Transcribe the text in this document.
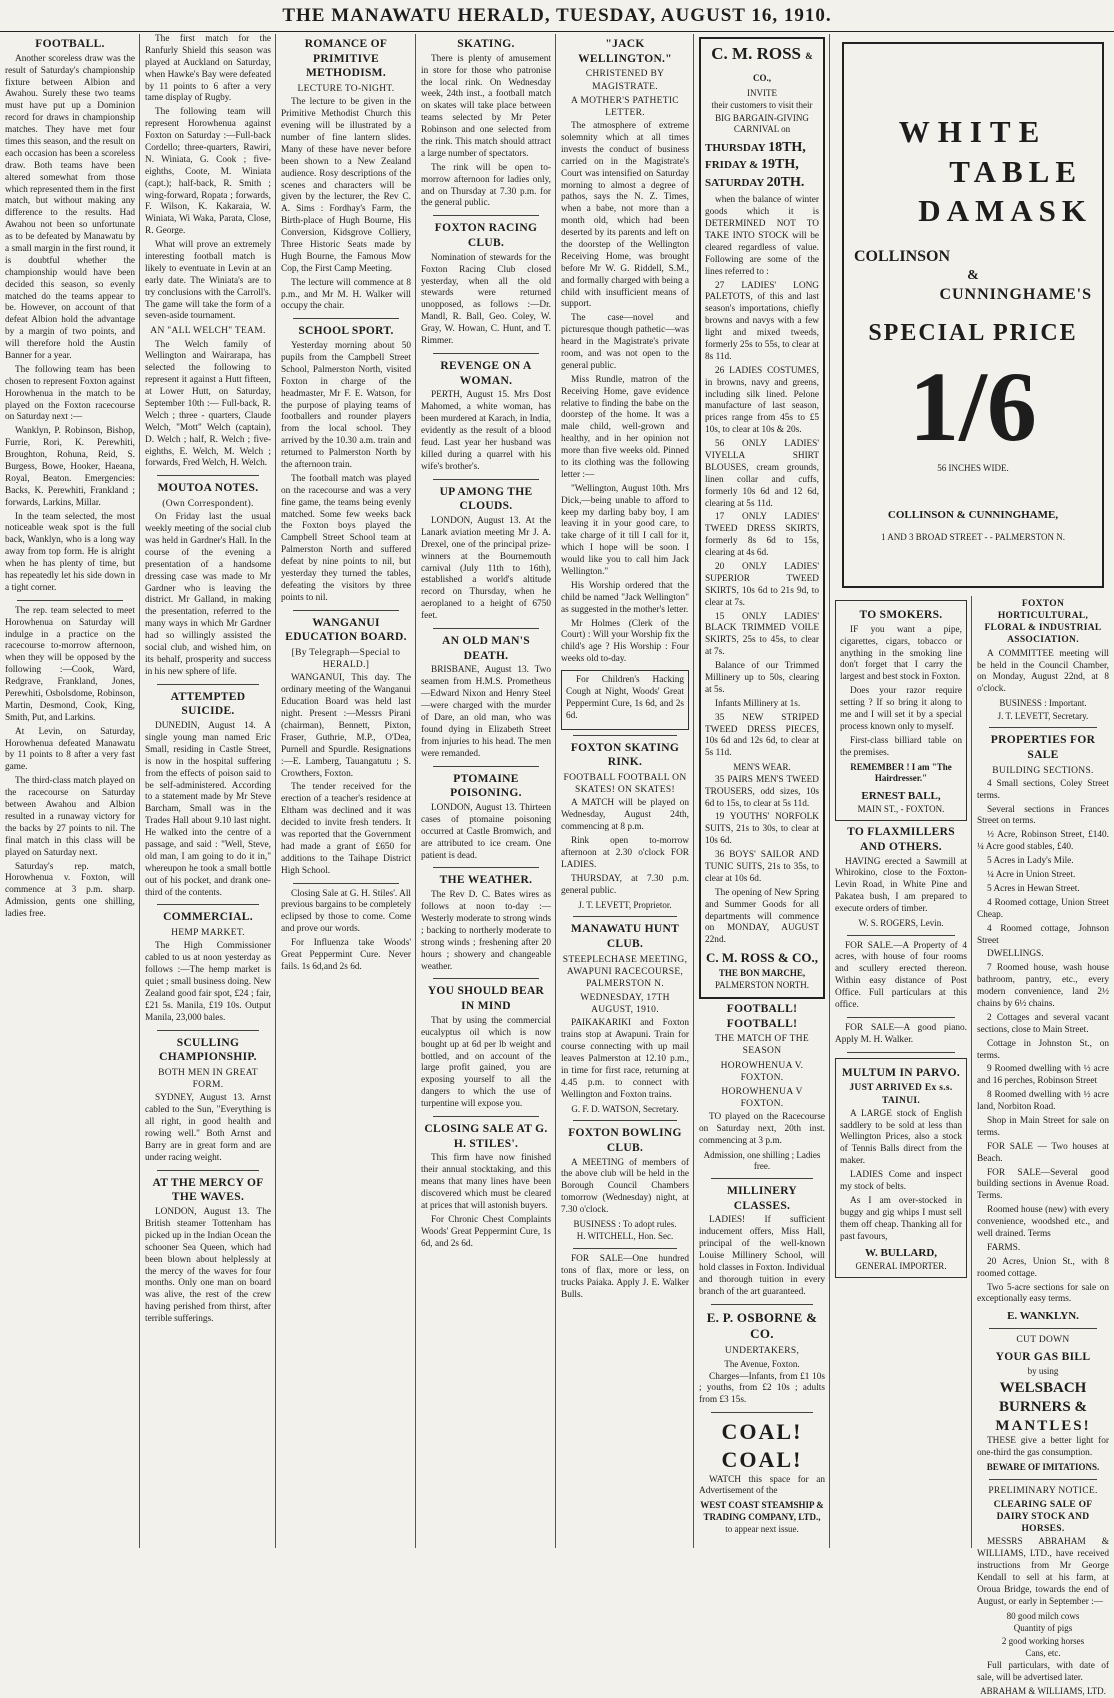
THE MANAWATU HERALD, TUESDAY, AUGUST 16, 1910.
FOOTBALL.

Another scoreless draw was the result of Saturday's championship fixture between Albion and Awahou. Surely these two teams must have put up a Dominion record for draws in championship matches. They have met four times this season, and the result on each occasion has been a scoreless draw. Both teams have been altered somewhat from those which represented them in the first match, but without making any difference to the results. Had Awahou not been so unfortunate as to be defeated by Manawatu by a small margin in the first round, it is doubtful whether the championship would have been decided this season, so evenly matched do the teams appear to be. However, on account of that defeat Albion hold the advantage by a margin of two points, and will therefore hold the Austin Banner for a year.

The following team has been chosen to represent Foxton against Horowhenua in the match to be played on the Foxton racecourse on Saturday next :—

Wanklyn, P. Robinson, Bishop, Furrie, Rori, K. Perewhiti, Broughton, Rohuna, Reid, S. Burgess, Bowe, Hooker, Haeana, Royal, Beaton. Emergencies: Backs, K. Perewhiti, Frankland ; forwards, Larkins, Millar.

In the team selected, the most noticeable weak spot is the full back, Wanklyn, who is a long way away from top form. He is alright when he has plenty of time, but has repeatedly let his side down in a tight corner.

The rep. team selected to meet Horowhenua on Saturday will indulge in a practice on the racecourse to-morrow afternoon, when they will be opposed by the following :—Cook, Ward, Redgrave, Frankland, Jones, Perewhiti, Osbolsdome, Robinson, Martin, Desmond, Cook, King, Smith, Put, and Larkins.

At Levin, on Saturday, Horowhenua defeated Manawatu by 11 points to 8 after a very fast game.

The third-class match played on the racecourse on Saturday between Awahou and Albion resulted in a runaway victory for the backs by 27 points to nil. The final match in this class will be played on Saturday next.

Saturday's rep. match, Horowhenua v. Foxton, will commence at 3 p.m. sharp. Admission, gents one shilling, ladies free.

The first match for the Ranfurly Shield this season was played at Auckland on Saturday, when Hawke's Bay were defeated by 11 points to 6 after a very tame display of Rugby.

The following team will represent Horowhenua against Foxton on Saturday :—Full-back Cordello; three-quarters, Rawiri, N. Winiata, G. Cook ; five-eighths, Coote, M. Winiata (capt.); half-back, R. Smith ; wing-forward, Ropata ; forwards, F. Wilson, K. Kakaraia, W. Winiata, Wi Waka, Parata, Close, R. George.

What will prove an extremely interesting football match is likely to eventuate in Levin at an early date. The Winiata's are to try conclusions with the Carroll's. The game will take the form of a seven-aside tournament.

AN "ALL WELCH" TEAM.

The Welch family of Wellington and Wairarapa, has selected the following to represent it against a Hutt fifteen, at Lower Hutt, on Saturday, September 10th :— Full-back, R. Welch ; three - quarters, Claude Welch, "Mott" Welch (captain), D. Welch ; half, R. Welch ; five-eighths, E. Welch, M. Welch ; forwards, Fred Welch, H. Welch.

MOUTOA NOTES.
(Own Correspondent).

On Friday last the usual weekly meeting of the social club was held in Gardner's Hall. In the course of the evening a presentation of a handsome dressing case was made to Mr Gardner who is leaving the district. Mr Galland, in making the presentation, referred to the many ways in which Mr Gardner had so willingly assisted the social club, and wished him, on its behalf, prosperity and success in his new sphere of life.

ATTEMPTED SUICIDE.

DUNEDIN, August 14. A single young man named Eric Small, residing in Castle Street, is now in the hospital suffering from the effects of poison said to be self-administered. According to a statement made by Mr Steve Barcham, Small was in the Trades Hall about 9.10 last night. He walked into the centre of a passage, and said : "Well, Steve, old man, I am going to do it in," whereupon he took a small bottle out of his pocket, and drank one-third of the contents.

COMMERCIAL.
HEMP MARKET.

The High Commissioner cabled to us at noon yesterday as follows :—The hemp market is quiet ; small business doing. New Zealand good fair spot, £24 ; fair, £21 5s. Manila, £19 10s. Output Manila, 23,000 bales.

SCULLING CHAMPIONSHIP.
BOTH MEN IN GREAT FORM.

SYDNEY, August 13. Arnst cabled to the Sun, "Everything is all right, in good health and rowing well." Both Arnst and Barry are in great form and are under racing weight.

AT THE MERCY OF THE WAVES.

LONDON, August 13. The British steamer Tottenham has picked up in the Indian Ocean the schooner Sea Queen, which had been blown about helplessly at the mercy of the waves for four months. Only one man on board was alive, the rest of the crew having perished from thirst, after terrible sufferings.

ROMANCE OF PRIMITIVE METHODISM.
LECTURE TO-NIGHT.

The lecture to be given in the Primitive Methodist Church this evening will be illustrated by a number of fine lantern slides. Many of these have never before been shown to a New Zealand audience. Rosy descriptions of the scenes and characters will be given by the lecturer, the Rev C. A. Sims : Fordhay's Farm, the Birth-place of Hugh Bourne, His Conversion, Kidsgrove Colliery, Three Historic Seats made by Hugh Bourne, the Famous Mow Cop, the First Camp Meeting.

The lecture will commence at 8 p.m., and Mr M. H. Walker will occupy the chair.

SCHOOL SPORT.

Yesterday morning about 50 pupils from the Campbell Street School, Palmerston North, visited Foxton in charge of the headmaster, Mr F. E. Watson, for the purpose of playing teams of footballers and rounder players from the local school. They arrived by the 10.30 a.m. train and returned to Palmerston North by the afternoon train.

The football match was played on the racecourse and was a very fine game, the teams being evenly matched. Some few weeks back the Foxton boys played the Campbell Street School team at Palmerston North and suffered defeat by nine points to nil, but yesterday they turned the tables, defeating the visitors by three points to nil.

WANGANUI EDUCATION BOARD.
[By Telegraph—Special to HERALD.]

WANGANUI, This day. The ordinary meeting of the Wanganui Education Board was held last night. Present :—Messrs Pirani (chairman), Bennett, Pixton, Fraser, Guthrie, M.P., O'Dea, Purnell and Spurdle. Resignations :—E. Lamberg, Tauangatutu ; S. Crowthers, Foxton.

The tender received for the erection of a teacher's residence at Eltham was declined and it was decided to invite fresh tenders. It was reported that the Government had made a grant of £650 for additions to the Taihape District High School.

Closing Sale at G. H. Stiles'. All previous bargains to be completely eclipsed by those to come. Come and prove our words.

For Influenza take Woods' Great Peppermint Cure. Never fails. 1s 6d,and 2s 6d.

SKATING.

There is plenty of amusement in store for those who patronise the local rink. On Wednesday week, 24th inst., a football match on skates will take place between teams selected by Mr Peter Robinson and one selected from the rink. This match should attract a large number of spectators.

The rink will be open to-morrow afternoon for ladies only, and on Thursday at 7.30 p.m. for the general public.

FOXTON RACING CLUB.

Nomination of stewards for the Foxton Racing Club closed yesterday, when all the old stewards were returned unopposed, as follows :—Dr. Mandl, R. Ball, Geo. Coley, W. Gray, W. Howan, C. Hunt, and T. Rimmer.

REVENGE ON A WOMAN.

PERTH, August 15. Mrs Dost Mahomed, a white woman, has been murdered at Karach, in India, evidently as the result of a blood feud. Last year her husband was killed during a quarrel with his wife's brother's.

UP AMONG THE CLOUDS.

LONDON, August 13. At the Lanark aviation meeting Mr J. A. Drexel, one of the principal prize-winners at the Bournemouth carnival (July 11th to 16th), established a world's altitude record on Thursday, when he aeroplaned to a height of 6750 feet.

AN OLD MAN'S DEATH.

BRISBANE, August 13. Two seamen from H.M.S. Prometheus—Edward Nixon and Henry Steel—were charged with the murder of Dare, an old man, who was found dying in Elizabeth Street from injuries to his head. The men were remanded.

PTOMAINE POISONING.

LONDON, August 13. Thirteen cases of ptomaine poisoning occurred at Castle Bromwich, and are attributed to ice cream. One patient is dead.

THE WEATHER.

The Rev D. C. Bates wires as follows at noon to-day :— Westerly moderate to strong winds ; backing to northerly moderate to strong winds ; freshening after 20 hours ; showery and changeable weather.

YOU SHOULD BEAR IN MIND

That by using the commercial eucalyptus oil which is now bought up at 6d per lb weight and bottled, and on account of the large profit gained, you are exposing yourself to all the dangers to which the use of turpentine will expose you.

CLOSING SALE AT G. H. STILES'.

This firm have now finished their annual stocktaking, and this means that many lines have been discovered which must be cleared at prices that will astonish buyers.

For Chronic Chest Complaints Woods' Great Peppermint Cure, 1s 6d, and 2s 6d.

"JACK WELLINGTON."
CHRISTENED BY MAGISTRATE.
A MOTHER'S PATHETIC LETTER.

The atmosphere of extreme solemnity which at all times invests the conduct of business carried on in the Magistrate's Court was intensified on Saturday morning to almost a degree of pathos, says the N. Z. Times, when a babe, not more than a month old, which had been deserted by its parents and left on the doorstep of the Wellington Receiving Home, was brought before Mr W. G. Riddell, S.M., and formally charged with being a child with insufficient means of support.

The case—novel and picturesque though pathetic—was heard in the Magistrate's private room, and was not open to the general public.

Miss Rundle, matron of the Receiving Home, gave evidence relative to finding the babe on the doorstep of the home. It was a male child, well-grown and healthy, and in her opinion not more than five weeks old. Pinned to its clothing was the following letter :—

"Wellington, August 10th. Mrs Dick,—being unable to afford to keep my darling baby boy, I am leaving it in your good care, to take charge of it till I call for it, which I hope will be soon. I would like you to call him Jack Wellington."

His Worship ordered that the child be named "Jack Wellington" as suggested in the mother's letter.

Mr Holmes (Clerk of the Court) : Will your Worship fix the child's age ? His Worship : Four weeks old to-day.

For Children's Hacking Cough at Night, Woods' Great Peppermint Cure, 1s 6d, and 2s 6d.

FOXTON SKATING RINK.
FOOTBALL FOOTBALL ON SKATES! ON SKATES!

A MATCH will be played on Wednesday, August 24th, commencing at 8 p.m.

Rink open to-morrow afternoon at 2.30 o'clock FOR LADIES.

THURSDAY, at 7.30 p.m. general public.

J. T. LEVETT, Proprietor.

MANAWATU HUNT CLUB.
STEEPLECHASE MEETING, AWAPUNI RACECOURSE, PALMERSTON N.
WEDNESDAY, 17TH AUGUST, 1910.

PAIKAKARIKI and Foxton trains stop at Awapuni. Train for course connecting with up mail leaves Palmerston at 12.10 p.m., in time for first race, returning at 4.45 p.m. to connect with Wellington and Foxton trains.

G. F. D. WATSON, Secretary.

FOXTON BOWLING CLUB.

A MEETING of members of the above club will be held in the Borough Council Chambers tomorrow (Wednesday) night, at 7.30 o'clock.

BUSINESS : To adopt rules.

H. WITCHELL, Hon. Sec.

FOR SALE—One hundred tons of flax, more or less, on trucks Paiaka. Apply J. E. Walker Bulls.

C. M. ROSS & CO.,

INVITE

their customers to visit their

BIG BARGAIN-GIVING CARNIVAL on

THURSDAY 18TH,
FRIDAY & 19TH,
SATURDAY 20TH.

when the balance of winter goods which it is DETERMINED NOT TO TAKE INTO STOCK will be cleared regardless of value. Following are some of the lines referred to :

27 LADIES' LONG PALETOTS, of this and last season's importations, chiefly browns and navys with a few light and mixed tweeds, formerly 25s to 55s, to clear at 8s 11d.

26 LADIES COSTUMES, in browns, navy and greens, including silk lined. Pelone manufacture of last season, prices range from 45s to £5 10s, to clear at 10s & 20s.

56 ONLY LADIES' VIYELLA SHIRT BLOUSES, cream grounds, linen collar and cuffs, formerly 10s 6d and 12 6d, clearing at 5s 11d.

17 ONLY LADIES' TWEED DRESS SKIRTS, formerly 8s 6d to 15s, clearing at 4s 6d.

20 ONLY LADIES' SUPERIOR TWEED SKIRTS, 10s 6d to 21s 9d, to clear at 7s.

15 ONLY LADIES' BLACK TRIMMED VOILE SKIRTS, 25s to 45s, to clear at 7s.

Balance of our Trimmed Millinery up to 50s, clearing at 5s.

Infants Millinery at 1s.

35 NEW STRIPED TWEED DRESS PIECES, 10s 6d and 12s 6d, to clear at 5s 11d.

MEN'S WEAR.

35 PAIRS MEN'S TWEED TROUSERS, odd sizes, 10s 6d to 15s, to clear at 5s 11d.

19 YOUTHS' NORFOLK SUITS, 21s to 30s, to clear at 10s 6d.

36 BOYS' SAILOR AND TUNIC SUITS, 21s to 35s, to clear at 10s 6d.

The opening of New Spring and Summer Goods for all departments will commence on MONDAY, AUGUST 22nd.

C. M. ROSS & CO.,

THE BON MARCHE,

PALMERSTON NORTH.

FOOTBALL! FOOTBALL!
THE MATCH OF THE SEASON
HOROWHENUA V. FOXTON.
HOROWHENUA V FOXTON.

TO played on the Racecourse on Saturday next, 20th inst. commencing at 3 p.m.

Admission, one shilling ; Ladies free.

MILLINERY CLASSES.

LADIES! If sufficient inducement offers, Miss Hall, principal of the well-known Louise Millinery School, will hold classes in Foxton. Individual and thorough tuition in every branch of the art guaranteed.

E. P. OSBORNE & CO.
UNDERTAKERS,

The Avenue, Foxton.

Charges—Infants, from £1 10s ; youths, from £2 10s ; adults from £3 15s.

COAL!
COAL!

WATCH this space for an Advertisement of the

WEST COAST STEAMSHIP & TRADING COMPANY, LTD.,

to appear next issue.

WHITE
TABLE
DAMASK
COLLINSON
&
CUNNINGHAME'S
SPECIAL PRICE
1/6

56 INCHES WIDE.

COLLINSON & CUNNINGHAME,

1 AND 3 BROAD STREET - - PALMERSTON N.

TO SMOKERS.

IF you want a pipe, cigarettes, cigars, tobacco or anything in the smoking line don't forget that I carry the largest and best stock in Foxton.

Does your razor require setting ? If so bring it along to me and I will set it by a special process known only to myself.

First-class billiard table on the premises.

REMEMBER ! I am "The Hairdresser."

ERNEST BALL,

MAIN ST., - FOXTON.

TO FLAXMILLERS AND OTHERS.

HAVING erected a Sawmill at Whirokino, close to the Foxton-Levin Road, in White Pine and Pakatea bush, I am prepared to execute orders of timber.

W. S. ROGERS, Levin.

FOR SALE.—A Property of 4 acres, with house of four rooms and scullery erected thereon. Within easy distance of Post Office. Full particulars at this office.

FOR SALE—A good piano. Apply M. H. Walker.

MULTUM IN PARVO.
JUST ARRIVED Ex s.s. TAINUI.

A LARGE stock of English saddlery to be sold at less than Wellington Prices, also a stock of Tennis Balls direct from the maker.

LADIES Come and inspect my stock of belts.

As I am over-stocked in buggy and gig whips I must sell them off cheap. Thanking all for past favours,

W. BULLARD,

GENERAL IMPORTER.

FOXTON HORTICULTURAL, FLORAL & INDUSTRIAL ASSOCIATION.

A COMMITTEE meeting will be held in the Council Chamber, on Monday, August 22nd, at 8 o'clock.

BUSINESS : Important.

J. T. LEVETT, Secretary.

PROPERTIES FOR SALE
BUILDING SECTIONS.

4 Small sections, Coley Street terms.

Several sections in Frances Street on terms.

½ Acre, Robinson Street, £140. ¼ Acre good stables, £40.

5 Acres in Lady's Mile.

¼ Acre in Union Street.

5 Acres in Hewan Street.

4 Roomed cottage, Union Street Cheap.

4 Roomed cottage, Johnson Street

DWELLINGS.

7 Roomed house, wash house bathroom, pantry, etc., every modern convenience, land 2½ chains by 6½ chains.

2 Cottages and several vacant sections, close to Main Street.

Cottage in Johnston St., on terms.

9 Roomed dwelling with ½ acre and 16 perches, Robinson Street

8 Roomed dwelling with ½ acre land, Norbiton Road.

Shop in Main Street for sale on terms.

FOR SALE — Two houses at Beach.

FOR SALE—Several good building sections in Avenue Road. Terms.

Roomed house (new) with every convenience, woodshed etc., and well drained. Terms

FARMS.

20 Acres, Union St., with 8 roomed cottage.

Two 5-acre sections for sale on exceptionally easy terms.

E. WANKLYN.
CUT DOWN
YOUR GAS BILL

by using

WELSBACH
BURNERS &
MANTLES!

THESE give a better light for one-third the gas consumption.

BEWARE OF IMITATIONS.

PRELIMINARY NOTICE.
CLEARING SALE OF DAIRY STOCK AND HORSES.

MESSRS ABRAHAM & WILLIAMS, LTD., have received instructions from Mr George Kendall to sell at his farm, at Oroua Bridge, towards the end of August, or early in September :—

80 good milch cows

Quantity of pigs

2 good working horses

Cans, etc.

Full particulars, with date of sale, will be advertised later.

ABRAHAM & WILLIAMS, LTD.
